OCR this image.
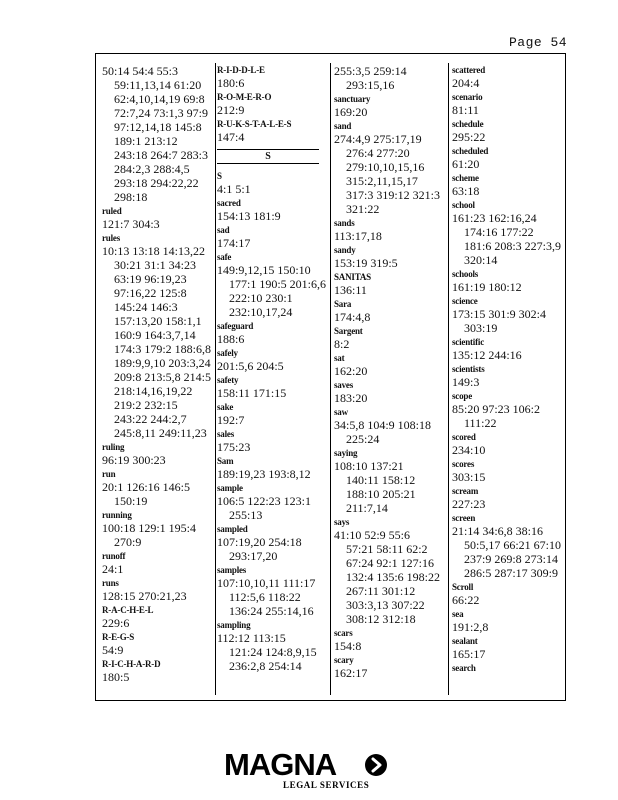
Page 54
50:14 54:4 55:3
59:11,13,14 61:20
62:4,10,14,19 69:8
72:7,24 73:1,3 97:9
97:12,14,18 145:8
189:1 213:12
243:18 264:7 283:3
284:2,3 288:4,5
293:18 294:22,22
298:18
ruled
121:7 304:3
rules
10:13 13:18 14:13,22
30:21 31:1 34:23
63:19 96:19,23
97:16,22 125:8
145:24 146:3
157:13,20 158:1,1
160:9 164:3,7,14
174:3 179:2 188:6,8
189:9,9,10 203:3,24
209:8 213:5,8 214:5
218:14,16,19,22
219:2 232:15
243:22 244:2,7
245:8,11 249:11,23
ruling
96:19 300:23
run
20:1 126:16 146:5
150:19
running
100:18 129:1 195:4
270:9
runoff
24:1
runs
128:15 270:21,23
R-A-C-H-E-L
229:6
R-E-G-S
54:9
R-I-C-H-A-R-D
180:5
R-I-D-D-L-E
180:6
R-O-M-E-R-O
212:9
R-U-K-S-T-A-L-E-S
147:4
S
S
4:1 5:1
sacred
154:13 181:9
sad
174:17
safe
149:9,12,15 150:10
177:1 190:5 201:6,6
222:10 230:1
232:10,17,24
safeguard
188:6
safely
201:5,6 204:5
safety
158:11 171:15
sake
192:7
sales
175:23
Sam
189:19,23 193:8,12
sample
106:5 122:23 123:1
255:13
sampled
107:19,20 254:18
293:17,20
samples
107:10,10,11 111:17
112:5,6 118:22
136:24 255:14,16
sampling
112:12 113:15
121:24 124:8,9,15
236:2,8 254:14
255:3,5 259:14
293:15,16
sanctuary
169:20
sand
274:4,9 275:17,19
276:4 277:20
279:10,10,15,16
315:2,11,15,17
317:3 319:12 321:3
321:22
sands
113:17,18
sandy
153:19 319:5
SANITAS
136:11
Sara
174:4,8
Sargent
8:2
sat
162:20
saves
183:20
saw
34:5,8 104:9 108:18
225:24
saying
108:10 137:21
140:11 158:12
188:10 205:21
211:7,14
says
41:10 52:9 55:6
57:21 58:11 62:2
67:24 92:1 127:16
132:4 135:6 198:22
267:11 301:12
303:3,13 307:22
308:12 312:18
scars
154:8
scary
162:17
scattered
204:4
scenario
81:11
schedule
295:22
scheduled
61:20
scheme
63:18
school
161:23 162:16,24
174:16 177:22
181:6 208:3 227:3,9
320:14
schools
161:19 180:12
science
173:15 301:9 302:4
303:19
scientific
135:12 244:16
scientists
149:3
scope
85:20 97:23 106:2
111:22
scored
234:10
scores
303:15
scream
227:23
screen
21:14 34:6,8 38:16
50:5,17 66:21 67:10
237:9 269:8 273:14
286:5 287:17 309:9
Scroll
66:22
sea
191:2,8
sealant
165:17
search
MAGNA
LEGAL SERVICES
